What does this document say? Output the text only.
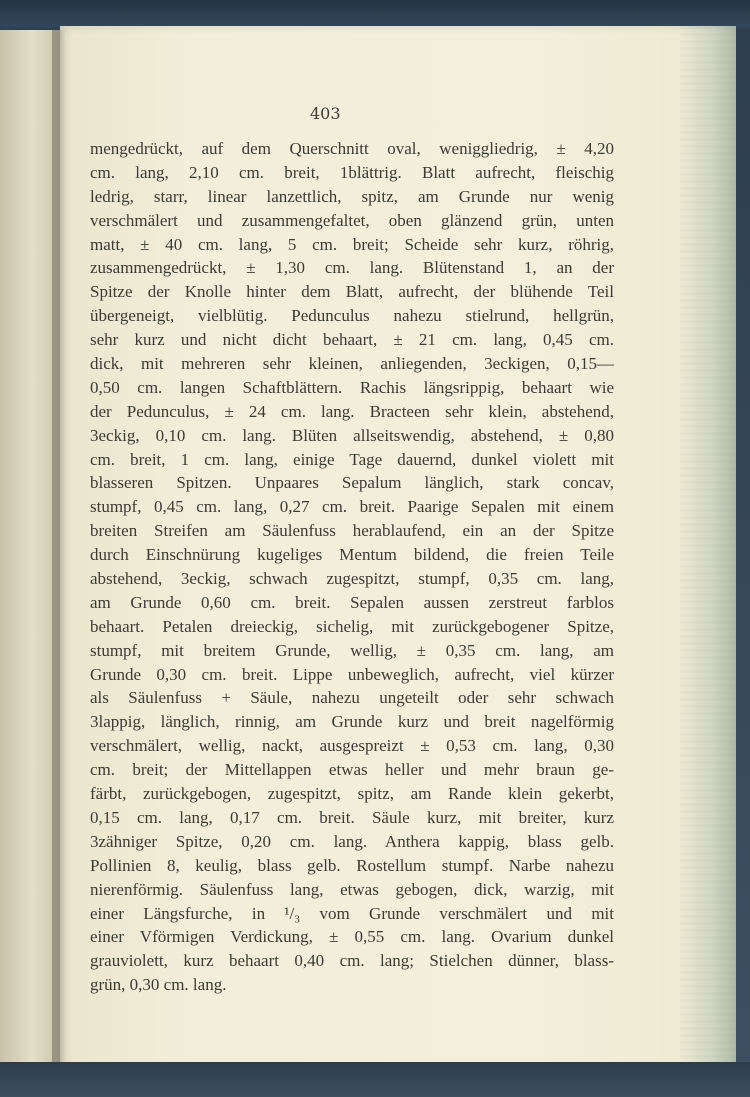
403
mengedrückt, auf dem Querschnitt oval, weniggliedrig, ± 4,20
cm. lang, 2,10 cm. breit, 1blättrig. Blatt aufrecht, fleischig
ledrig, starr, linear lanzettlich, spitz, am Grunde nur wenig
verschmälert und zusammengefaltet, oben glänzend grün, unten
matt, ± 40 cm. lang, 5 cm. breit; Scheide sehr kurz, röhrig,
zusammengedrückt, ± 1,30 cm. lang. Blütenstand 1, an der
Spitze der Knolle hinter dem Blatt, aufrecht, der blühende Teil
übergeneigt, vielblütig. Pedunculus nahezu stielrund, hellgrün,
sehr kurz und nicht dicht behaart, ± 21 cm. lang, 0,45 cm.
dick, mit mehreren sehr kleinen, anliegenden, 3eckigen, 0,15—
0,50 cm. langen Schaftblättern. Rachis längsrippig, behaart wie
der Pedunculus, ± 24 cm. lang. Bracteen sehr klein, abstehend,
3eckig, 0,10 cm. lang. Blüten allseitswendig, abstehend, ± 0,80
cm. breit, 1 cm. lang, einige Tage dauernd, dunkel violett mit
blasseren Spitzen. Unpaares Sepalum länglich, stark concav,
stumpf, 0,45 cm. lang, 0,27 cm. breit. Paarige Sepalen mit einem
breiten Streifen am Säulenfuss herablaufend, ein an der Spitze
durch Einschnürung kugeliges Mentum bildend, die freien Teile
abstehend, 3eckig, schwach zugespitzt, stumpf, 0,35 cm. lang,
am Grunde 0,60 cm. breit. Sepalen aussen zerstreut farblos
behaart. Petalen dreieckig, sichelig, mit zurückgebogener Spitze,
stumpf, mit breitem Grunde, wellig, ± 0,35 cm. lang, am
Grunde 0,30 cm. breit. Lippe unbeweglich, aufrecht, viel kürzer
als Säulenfuss + Säule, nahezu ungeteilt oder sehr schwach
3lappig, länglich, rinnig, am Grunde kurz und breit nagelförmig
verschmälert, wellig, nackt, ausgespreizt ± 0,53 cm. lang, 0,30
cm. breit; der Mittellappen etwas heller und mehr braun ge-
färbt, zurückgebogen, zugespitzt, spitz, am Rande klein gekerbt,
0,15 cm. lang, 0,17 cm. breit. Säule kurz, mit breiter, kurz
3zähniger Spitze, 0,20 cm. lang. Anthera kappig, blass gelb.
Pollinien 8, keulig, blass gelb. Rostellum stumpf. Narbe nahezu
nierenförmig. Säulenfuss lang, etwas gebogen, dick, warzig, mit
einer Längsfurche, in ¹/₃ vom Grunde verschmälert und mit
einer Vförmigen Verdickung, ± 0,55 cm. lang. Ovarium dunkel
grauviolett, kurz behaart 0,40 cm. lang; Stielchen dünner, blass-
grün, 0,30 cm. lang.
